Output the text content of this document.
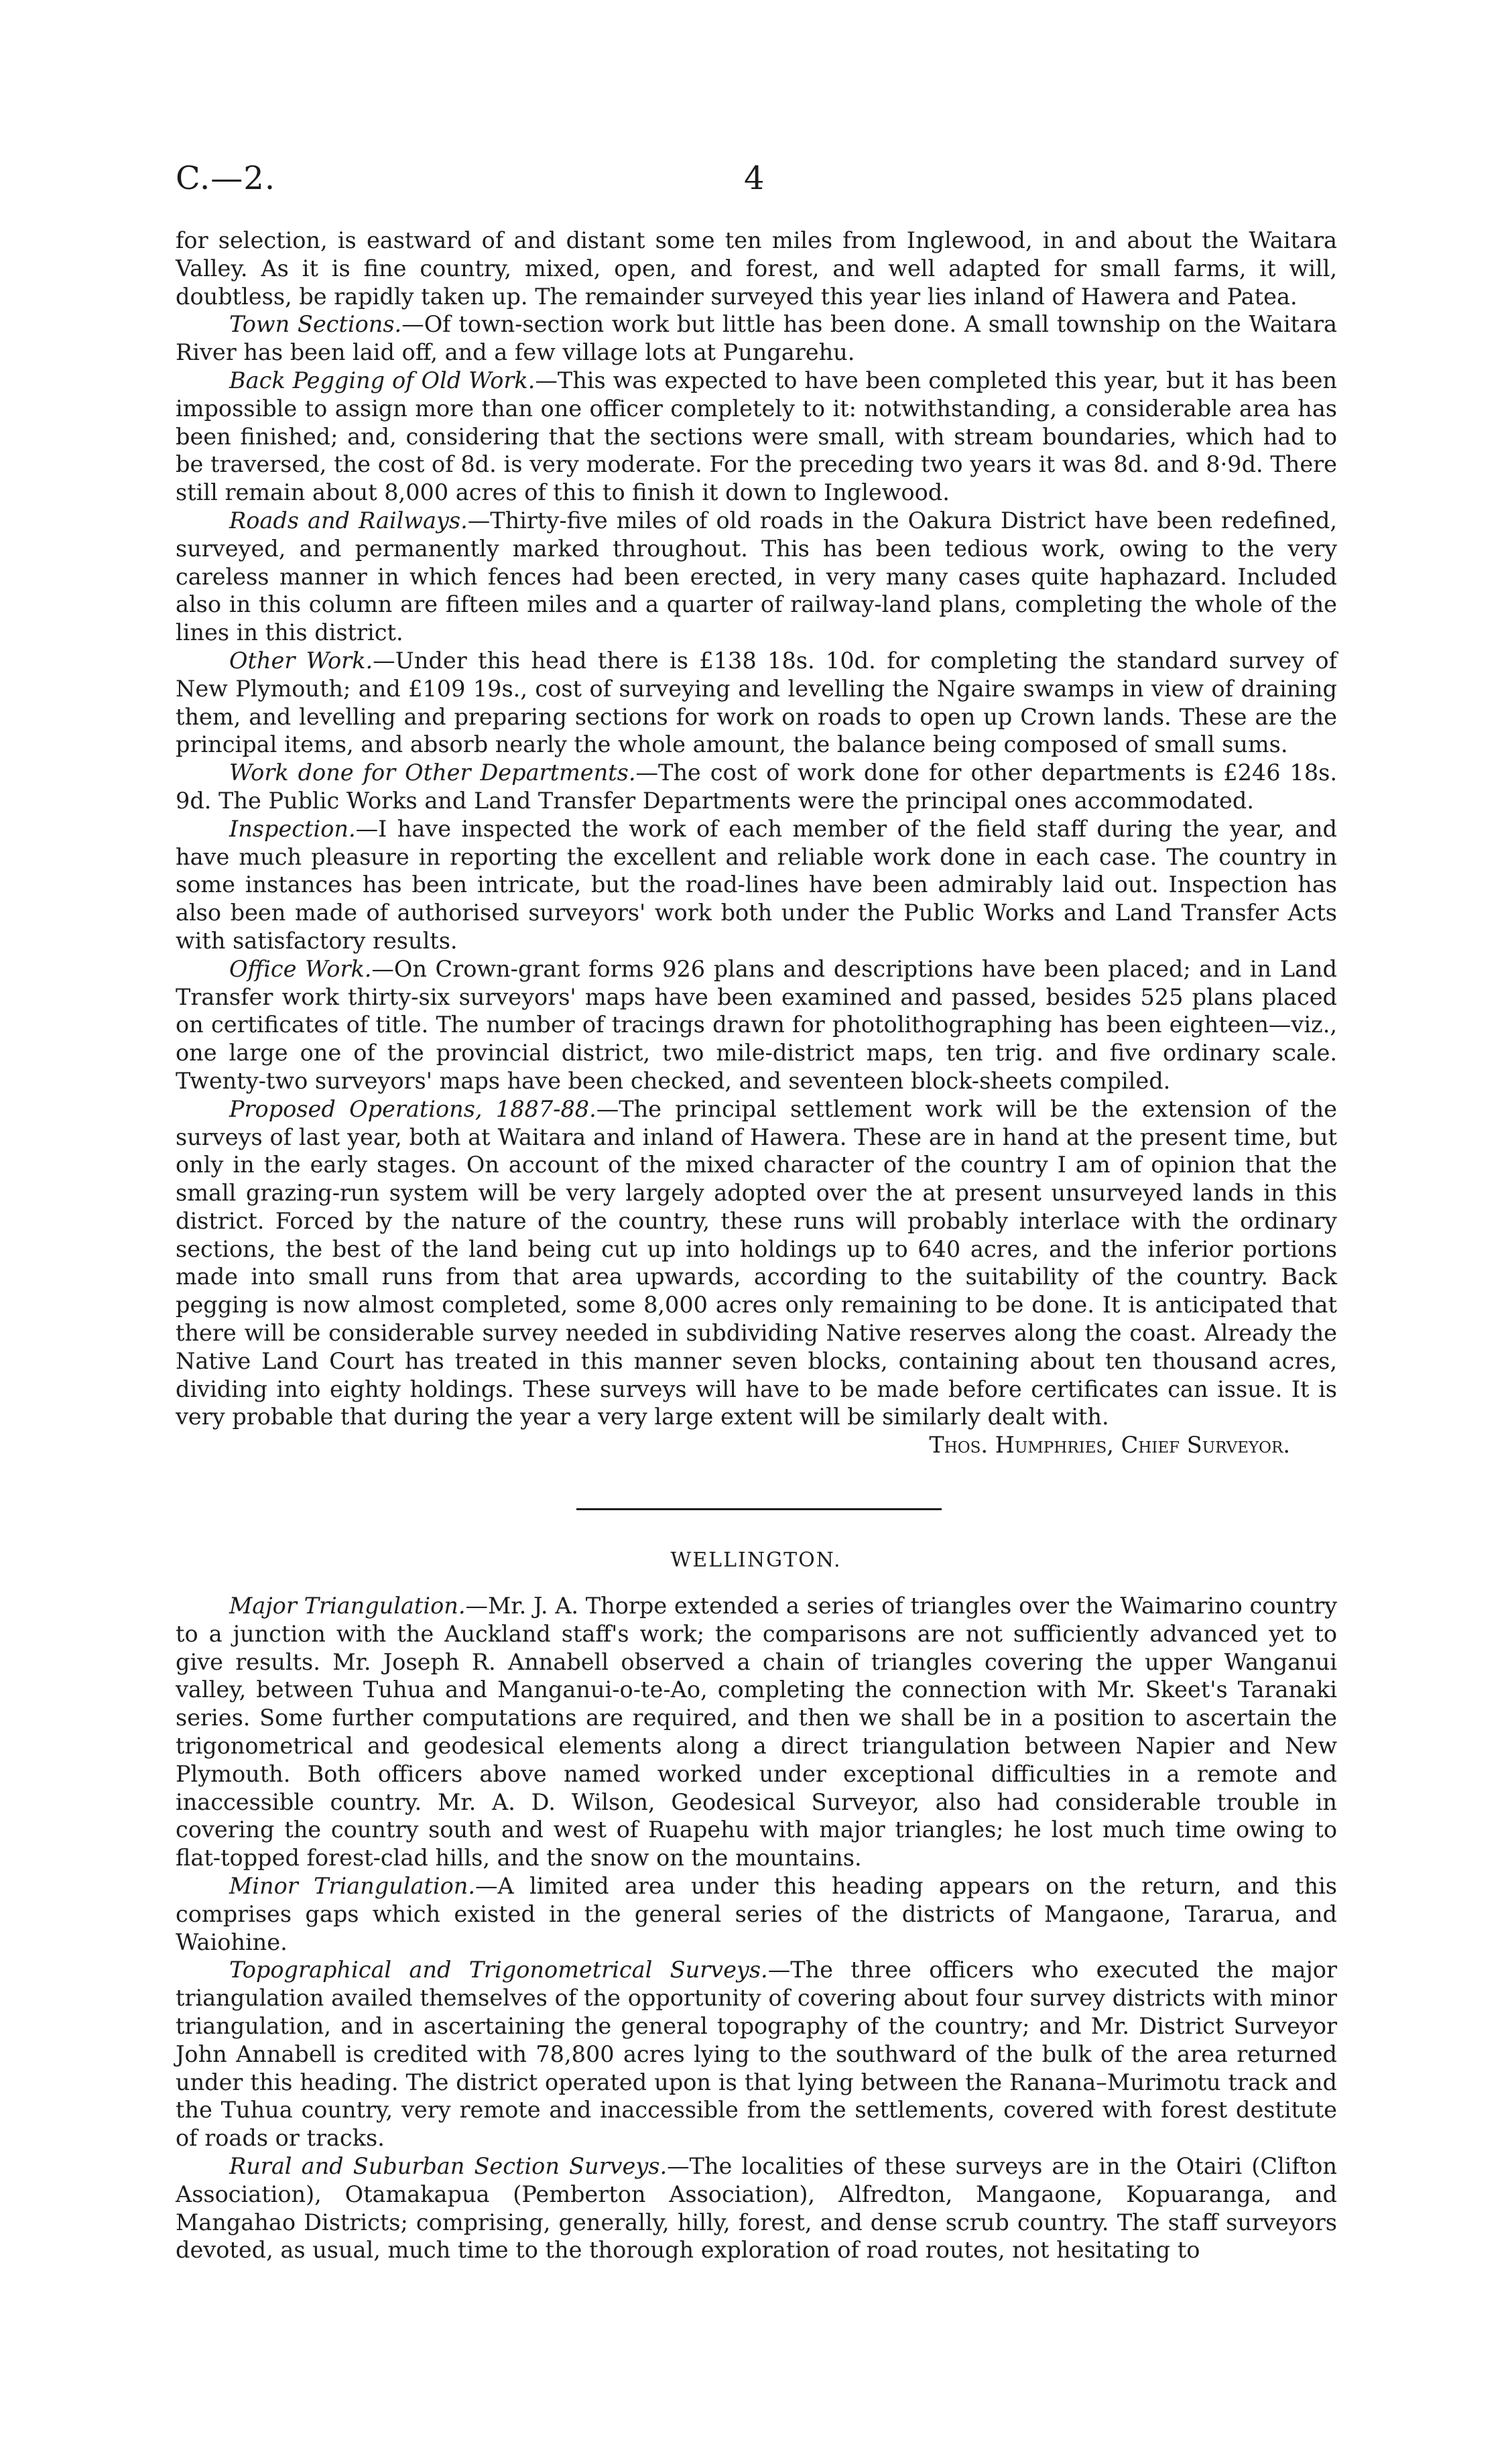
C.—2.	4

for selection, is eastward of and distant some ten miles from Inglewood, in and about the Waitara Valley. As it is fine country, mixed, open, and forest, and well adapted for small farms, it will, doubtless, be rapidly taken up. The remainder surveyed this year lies inland of Hawera and Patea.

Town Sections.—Of town-section work but little has been done. A small township on the Waitara River has been laid off, and a few village lots at Pungarehu.

Back Pegging of Old Work.—This was expected to have been completed this year, but it has been impossible to assign more than one officer completely to it: notwithstanding, a considerable area has been finished; and, considering that the sections were small, with stream boundaries, which had to be traversed, the cost of 8d. is very moderate. For the preceding two years it was 8d. and 8·9d. There still remain about 8,000 acres of this to finish it down to Inglewood.

Roads and Railways.—Thirty-five miles of old roads in the Oakura District have been redefined, surveyed, and permanently marked throughout. This has been tedious work, owing to the very careless manner in which fences had been erected, in very many cases quite haphazard. Included also in this column are fifteen miles and a quarter of railway-land plans, completing the whole of the lines in this district.

Other Work.—Under this head there is £138 18s. 10d. for completing the standard survey of New Plymouth; and £109 19s., cost of surveying and levelling the Ngaire swamps in view of draining them, and levelling and preparing sections for work on roads to open up Crown lands. These are the principal items, and absorb nearly the whole amount, the balance being composed of small sums.

Work done for Other Departments.—The cost of work done for other departments is £246 18s. 9d. The Public Works and Land Transfer Departments were the principal ones accommodated.

Inspection.—I have inspected the work of each member of the field staff during the year, and have much pleasure in reporting the excellent and reliable work done in each case. The country in some instances has been intricate, but the road-lines have been admirably laid out. Inspection has also been made of authorised surveyors' work both under the Public Works and Land Transfer Acts with satisfactory results.

Office Work.—On Crown-grant forms 926 plans and descriptions have been placed; and in Land Transfer work thirty-six surveyors' maps have been examined and passed, besides 525 plans placed on certificates of title. The number of tracings drawn for photolithographing has been eighteen—viz., one large one of the provincial district, two mile-district maps, ten trig. and five ordinary scale. Twenty-two surveyors' maps have been checked, and seventeen block-sheets compiled.

Proposed Operations, 1887-88.—The principal settlement work will be the extension of the surveys of last year, both at Waitara and inland of Hawera. These are in hand at the present time, but only in the early stages. On account of the mixed character of the country I am of opinion that the small grazing-run system will be very largely adopted over the at present unsurveyed lands in this district. Forced by the nature of the country, these runs will probably interlace with the ordinary sections, the best of the land being cut up into holdings up to 640 acres, and the inferior portions made into small runs from that area upwards, according to the suitability of the country. Back pegging is now almost completed, some 8,000 acres only remaining to be done. It is anticipated that there will be considerable survey needed in subdividing Native reserves along the coast. Already the Native Land Court has treated in this manner seven blocks, containing about ten thousand acres, dividing into eighty holdings. These surveys will have to be made before certificates can issue. It is very probable that during the year a very large extent will be similarly dealt with.
Thos. Humphries, Chief Surveyor.

WELLINGTON.

Major Triangulation.—Mr. J. A. Thorpe extended a series of triangles over the Waimarino country to a junction with the Auckland staff's work; the comparisons are not sufficiently advanced yet to give results. Mr. Joseph R. Annabell observed a chain of triangles covering the upper Wanganui valley, between Tuhua and Manganui-o-te-Ao, completing the connection with Mr. Skeet's Taranaki series. Some further computations are required, and then we shall be in a position to ascertain the trigonometrical and geodesical elements along a direct triangulation between Napier and New Plymouth. Both officers above named worked under exceptional difficulties in a remote and inaccessible country. Mr. A. D. Wilson, Geodesical Surveyor, also had considerable trouble in covering the country south and west of Ruapehu with major triangles; he lost much time owing to flat-topped forest-clad hills, and the snow on the mountains.

Minor Triangulation.—A limited area under this heading appears on the return, and this comprises gaps which existed in the general series of the districts of Mangaone, Tararua, and Waiohine.

Topographical and Trigonometrical Surveys.—The three officers who executed the major triangulation availed themselves of the opportunity of covering about four survey districts with minor triangulation, and in ascertaining the general topography of the country; and Mr. District Surveyor John Annabell is credited with 78,800 acres lying to the southward of the bulk of the area returned under this heading. The district operated upon is that lying between the Ranana–Murimotu track and the Tuhua country, very remote and inaccessible from the settlements, covered with forest destitute of roads or tracks.

Rural and Suburban Section Surveys.—The localities of these surveys are in the Otairi (Clifton Association), Otamakapua (Pemberton Association), Alfredton, Mangaone, Kopuaranga, and Mangahao Districts; comprising, generally, hilly, forest, and dense scrub country. The staff surveyors devoted, as usual, much time to the thorough exploration of road routes, not hesitating to
